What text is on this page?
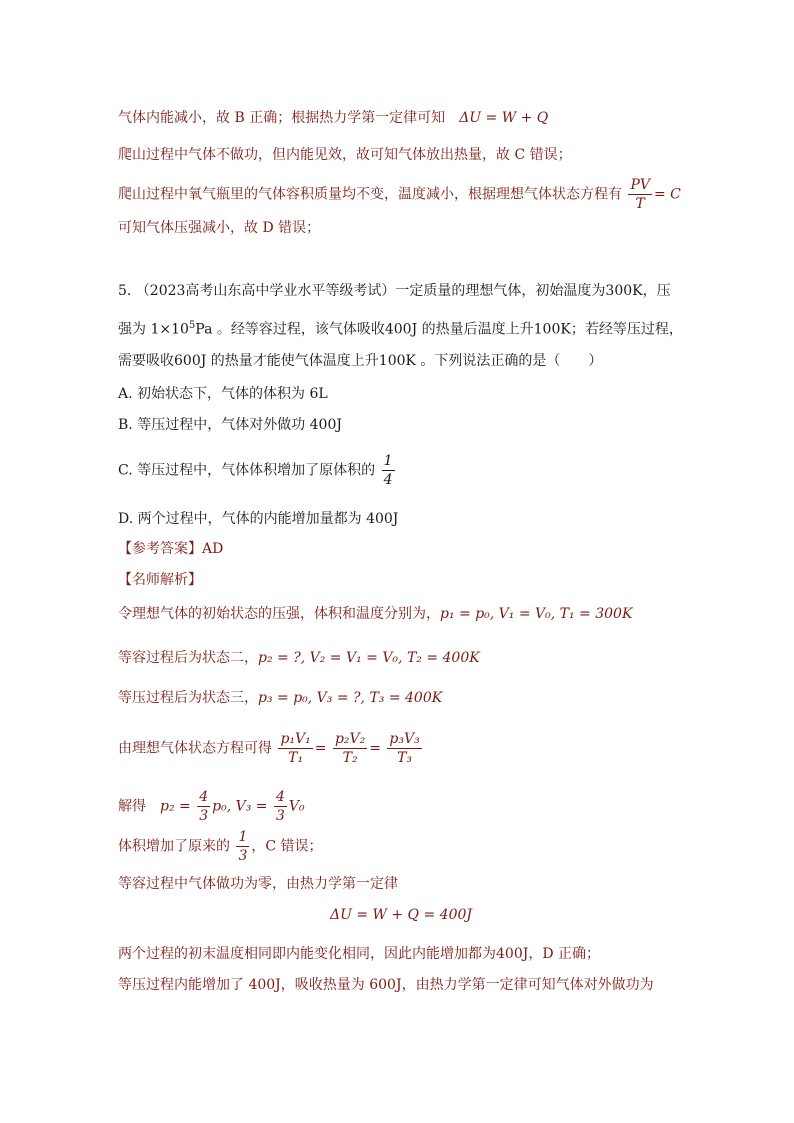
气体内能减小，故 B 正确；根据热力学第一定律可知 ΔU = W + Q
爬山过程中气体不做功，但内能见效，故可知气体放出热量，故 C 错误；
爬山过程中氧气瓶里的气体容积质量均不变，温度减小，根据理想气体状态方程有 $\frac{PV}{T} = C$
可知气体压强减小，故 D 错误；
5. （2023高考山东高中学业水平等级考试）一定质量的理想气体，初始温度为300K，压
强为 $1\times 10^5Pa$ 。经等容过程，该气体吸收400J 的热量后温度上升100K；若经等压过程，
需要吸收600J 的热量才能使气体温度上升100K 。下列说法正确的是（　　）
A. 初始状态下，气体的体积为 6L
B. 等压过程中，气体对外做功 400J
C. 等压过程中，气体体积增加了原体积的 $\frac{1}{4}$
D. 两个过程中，气体的内能增加量都为 400J
【参考答案】AD
【名师解析】
令理想气体的初始状态的压强，体积和温度分别为，p₁ = p₀, V₁ = V₀, T₁ = 300K
等容过程后为状态二，p₂ = ?, V₂ = V₁ = V₀, T₂ = 400K
等压过程后为状态三，p₃ = p₀, V₃ = ?, T₃ = 400K
由理想气体状态方程可得 $\frac{\text{p₁V₁}}{\text{T₁}} = \frac{\text{p₂V₂}}{\text{T₂}} = \frac{\text{p₃V₃}}{\text{T₃}}$
解得 $p_2 = \frac{4}{3} p_0$, $V_3 = \frac{4}{3} V_0$
体积增加了原来的 $\frac{1}{3}$ ，C 错误；
等容过程中气体做功为零，由热力学第一定律
ΔU = W + Q = 400J
两个过程的初末温度相同即内能变化相同，因此内能增加都为400J，D 正确；
等压过程内能增加了 400J，吸收热量为 600J，由热力学第一定律可知气体对外做功为
